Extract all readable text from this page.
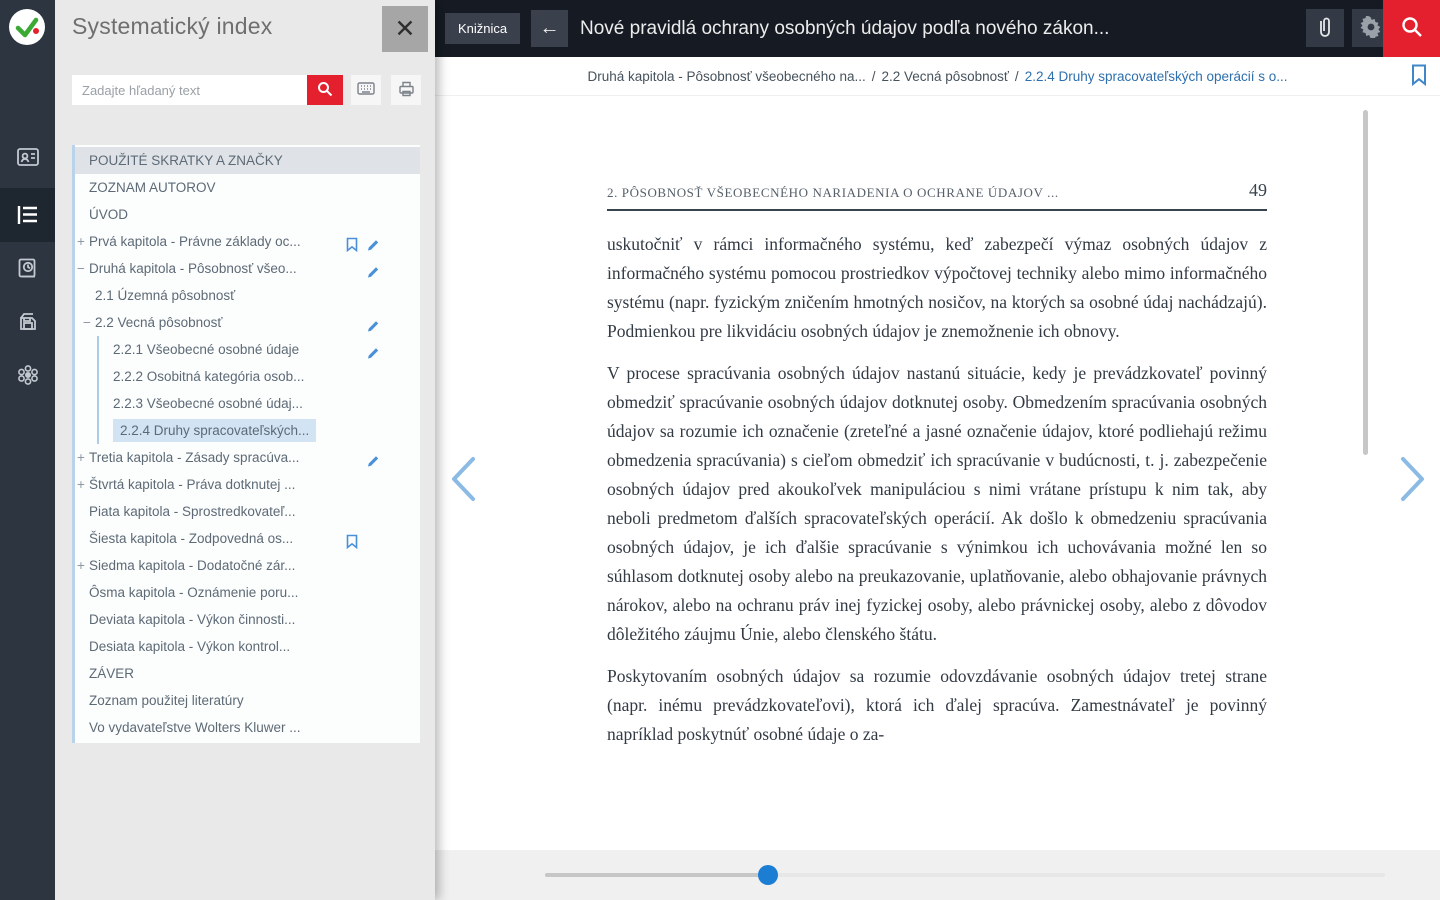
Systematický index	✕
Zadajte hľadaný text
POUŽITÉ SKRATKY A ZNAČKY
ZOZNAM AUTOROV
ÚVOD
+ Prvá kapitola - Právne základy oc...
− Druhá kapitola - Pôsobnosť všeo...
2.1 Územná pôsobnosť
− 2.2 Vecná pôsobnosť
2.2.1 Všeobecné osobné údaje
2.2.2 Osobitná kategória osob...
2.2.3 Všeobecné osobné údaj...
2.2.4 Druhy spracovateľských...
+ Tretia kapitola - Zásady spracúva...
+ Štvrtá kapitola - Práva dotknutej ...
Piata kapitola - Sprostredkovateľ...
Šiesta kapitola - Zodpovedná os...
+ Siedma kapitola - Dodatočné zár...
Ôsma kapitola - Oznámenie poru...
Deviata kapitola - Výkon činnosti...
Desiata kapitola - Výkon kontrol...
ZÁVER
Zoznam použitej literatúry
Vo vydavateľstve Wolters Kluwer ...
Knižnica ← Nové pravidlá ochrany osobných údajov podľa nového zákon...
Druhá kapitola - Pôsobnosť všeobecného na... / 2.2 Vecná pôsobnosť / 2.2.4 Druhy spracovateľských operácií s o...
2. PÔSOBNOSŤ VŠEOBECNÉHO NARIADENIA O OCHRANE ÚDAJOV ...	49

uskutočniť v rámci informačného systému, keď zabezpečí výmaz osobných údajov z informačného systému pomocou prostriedkov výpočtovej techniky alebo mimo informačného systému (napr. fyzickým zničením hmotných nosičov, na ktorých sa osobné údaj nachádzajú). Podmienkou pre likvidáciu osobných údajov je znemožnenie ich obnovy.

V procese spracúvania osobných údajov nastanú situácie, kedy je prevádzkovateľ povinný obmedziť spracúvanie osobných údajov dotknutej osoby. Obmedzením spracúvania osobných údajov sa rozumie ich označenie (zreteľné a jasné označenie údajov, ktoré podliehajú režimu obmedzenia spracúvania) s cieľom obmedziť ich spracúvanie v budúcnosti, t. j. zabezpečenie osobných údajov pred akoukoľvek manipuláciou s nimi vrátane prístupu k nim tak, aby neboli predmetom ďalších spracovateľských operácií. Ak došlo k obmedzeniu spracúvania osobných údajov, je ich ďalšie spracúvanie s výnimkou ich uchovávania možné len so súhlasom dotknutej osoby alebo na preukazovanie, uplatňovanie, alebo obhajovanie právnych nárokov, alebo na ochranu práv inej fyzickej osoby, alebo právnickej osoby, alebo z dôvodov dôležitého záujmu Únie, alebo členského štátu.

Poskytovaním osobných údajov sa rozumie odovzdávanie osobných údajov tretej strane (napr. inému prevádzkovateľovi), ktorá ich ďalej spracúva. Zamestnávateľ je povinný napríklad poskytnúť osobné údaje o za-
